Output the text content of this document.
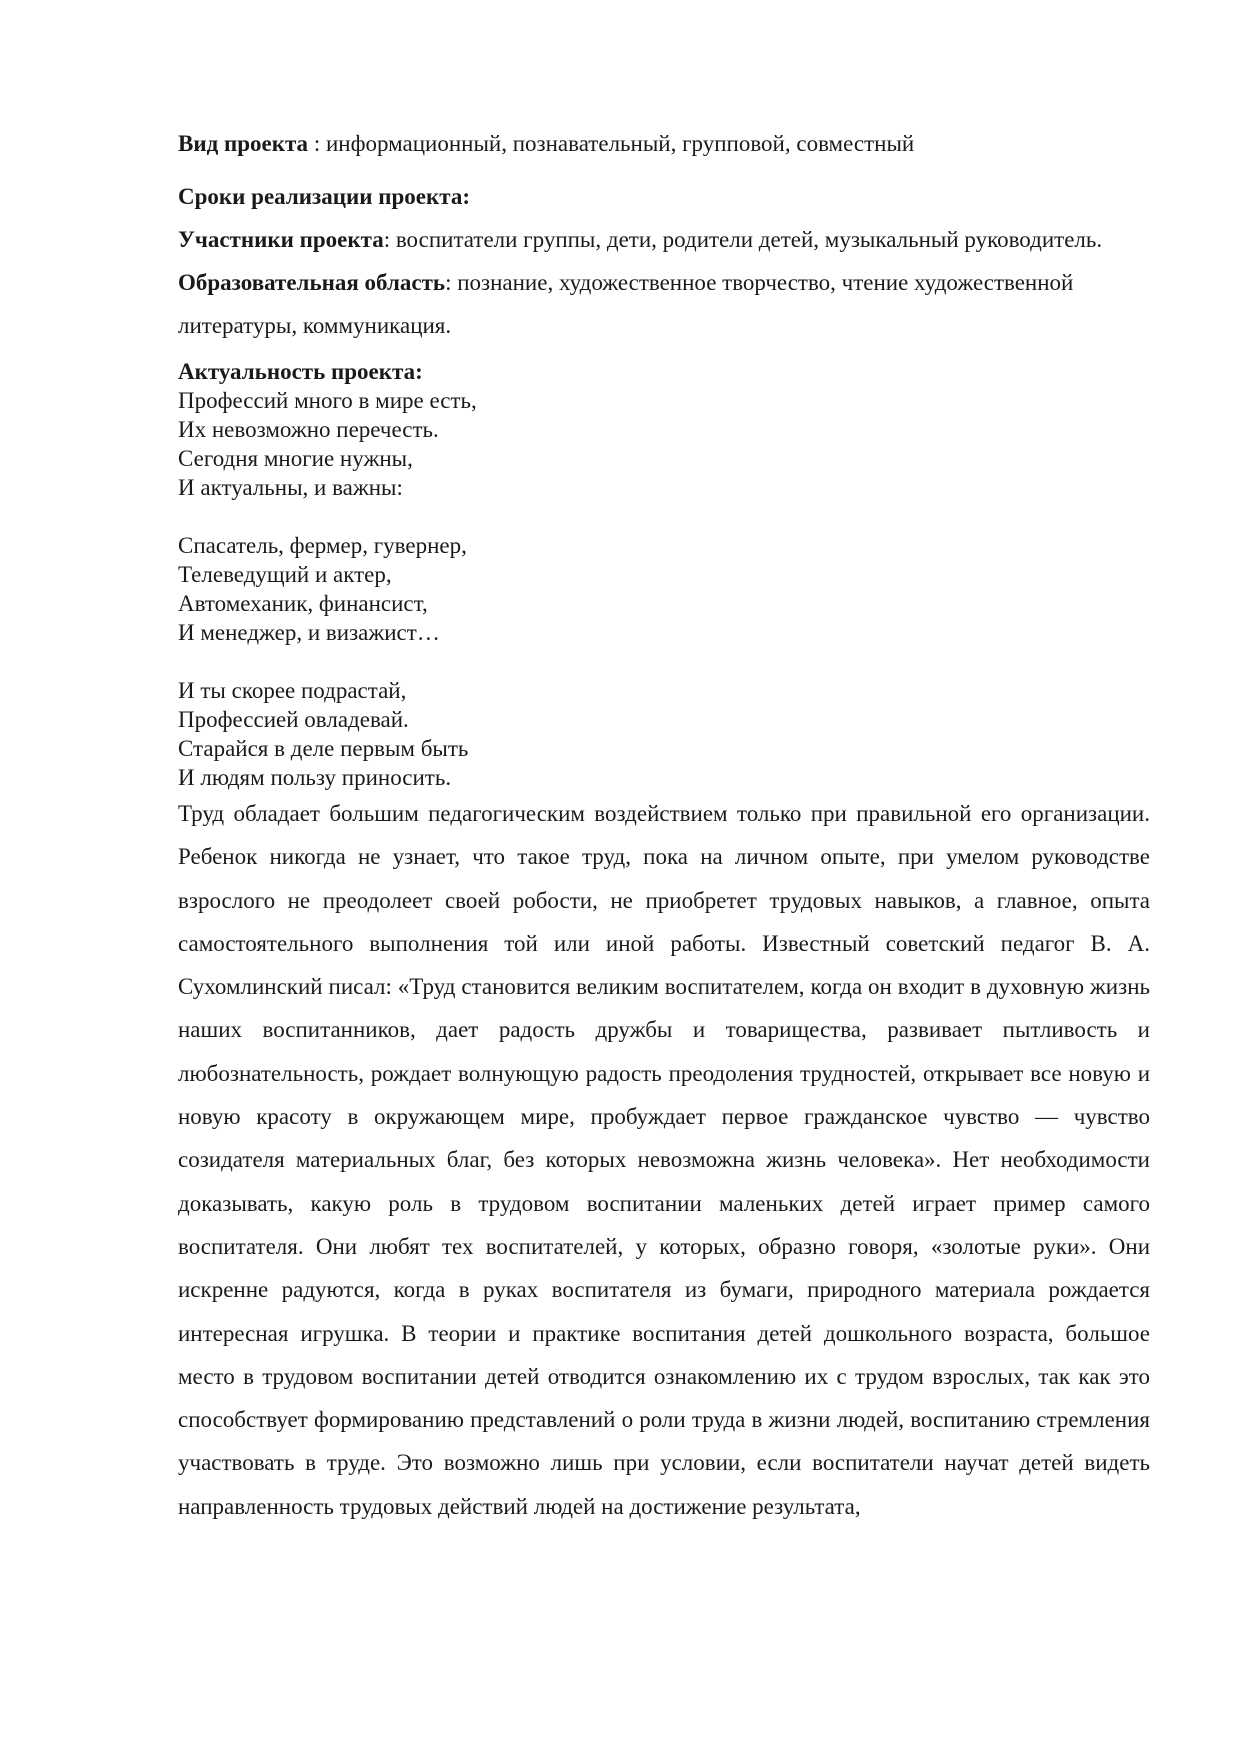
Вид проекта : информационный, познавательный, групповой, совместный

Сроки реализации проекта:

Участники проекта: воспитатели группы, дети, родители детей, музыкальный руководитель.

Образовательная область: познание, художественное творчество, чтение художественной литературы, коммуникация.

Актуальность проекта:

Профессий много в мире есть,
Их невозможно перечесть.
Сегодня многие нужны,
И актуальны, и важны:
Спасатель, фермер, гувернер,
Телеведущий и актер,
Автомеханик, финансист,
И менеджер, и визажист…
И ты скорее подрастай,
Профессией овладевай.
Старайся в деле первым быть
И людям пользу приносить.

Труд обладает большим педагогическим воздействием только при правильной его организации. Ребенок никогда не узнает, что такое труд, пока на личном опыте, при умелом руководстве взрослого не преодолеет своей робости, не приобретет трудовых навыков, а главное, опыта самостоятельного выполнения той или иной работы. Известный советский педагог В. А. Сухомлинский писал: «Труд становится великим воспитателем, когда он входит в духовную жизнь наших воспитанников, дает радость дружбы и товарищества, развивает пытливость и любознательность, рождает волнующую радость преодоления трудностей, открывает все новую и новую красоту в окружающем мире, пробуждает первое гражданское чувство — чувство созидателя материальных благ, без которых невозможна жизнь человека». Нет необходимости доказывать, какую роль в трудовом воспитании маленьких детей играет пример самого воспитателя. Они любят тех воспитателей, у которых, образно говоря, «золотые руки». Они искренне радуются, когда в руках воспитателя из бумаги, природного материала рождается интересная игрушка. В теории и практике воспитания детей дошкольного возраста, большое место в трудовом воспитании детей отводится ознакомлению их с трудом взрослых, так как это способствует формированию представлений о роли труда в жизни людей, воспитанию стремления участвовать в труде. Это возможно лишь при условии, если воспитатели научат детей видеть направленность трудовых действий людей на достижение результата,
